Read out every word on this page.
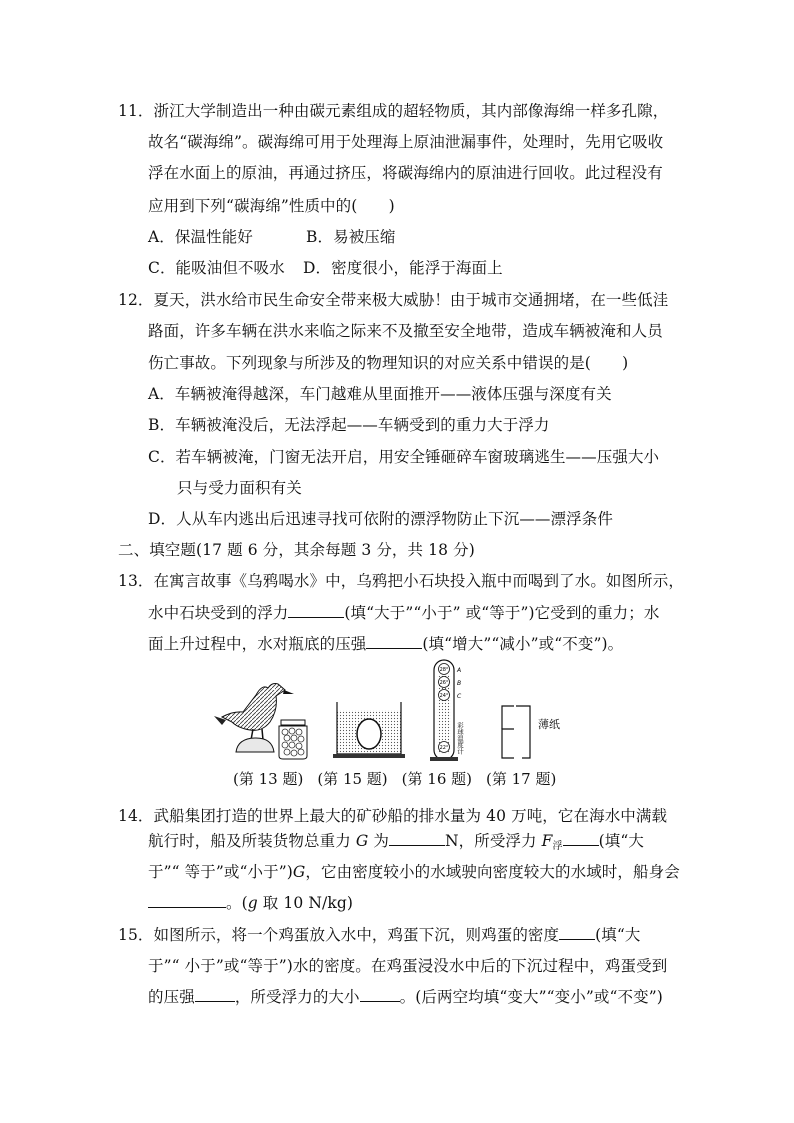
11．浙江大学制造出一种由碳元素组成的超轻物质，其内部像海绵一样多孔隙，
故名“碳海绵”。碳海绵可用于处理海上原油泄漏事件，处理时，先用它吸收
浮在水面上的原油，再通过挤压，将碳海绵内的原油进行回收。此过程没有
应用到下列“碳海绵”性质中的(　　)
A．保温性能好	B．易被压缩
C．能吸油但不吸水 D．密度很小，能浮于海面上
12．夏天，洪水给市民生命安全带来极大威胁！由于城市交通拥堵，在一些低洼
路面，许多车辆在洪水来临之际来不及撤至安全地带，造成车辆被淹和人员
伤亡事故。下列现象与所涉及的物理知识的对应关系中错误的是(　　)
A．车辆被淹得越深，车门越难从里面推开——液体压强与深度有关
B．车辆被淹没后，无法浮起——车辆受到的重力大于浮力
C．若车辆被淹，门窗无法开启，用安全锤砸碎车窗玻璃逃生——压强大小
只与受力面积有关
D．人从车内逃出后迅速寻找可依附的漂浮物防止下沉——漂浮条件
二、填空题(17 题 6 分，其余每题 3 分，共 18 分)
13．在寓言故事《乌鸦喝水》中，乌鸦把小石块投入瓶中而喝到了水。如图所示，
水中石块受到的浮力	(填“大于”“小于” 或“等于”)它受到的重力；水
面上升过程中，水对瓶底的压强	(填“增大”“减小”或“不变”)。
28°
26°
24°
22°
A
B
C
彩球温度计	薄纸
(第 13 题) (第 15 题) (第 16 题) (第 17 题)
14．武船集团打造的世界上最大的矿砂船的排水量为 40 万吨，它在海水中满载
航行时，船及所装货物总重力 G 为	N，所受浮力 $F_浮$ (填“大
于”“ 等于”或“小于”)G，它由密度较小的水域驶向密度较大的水域时，船身会
。(g 取 10 N/kg)
15．如图所示，将一个鸡蛋放入水中，鸡蛋下沉，则鸡蛋的密度 (填“大
于”“ 小于”或“等于”)水的密度。在鸡蛋浸没水中后的下沉过程中，鸡蛋受到
的压强	，所受浮力的大小	。(后两空均填“变大”“变小”或“不变”)
